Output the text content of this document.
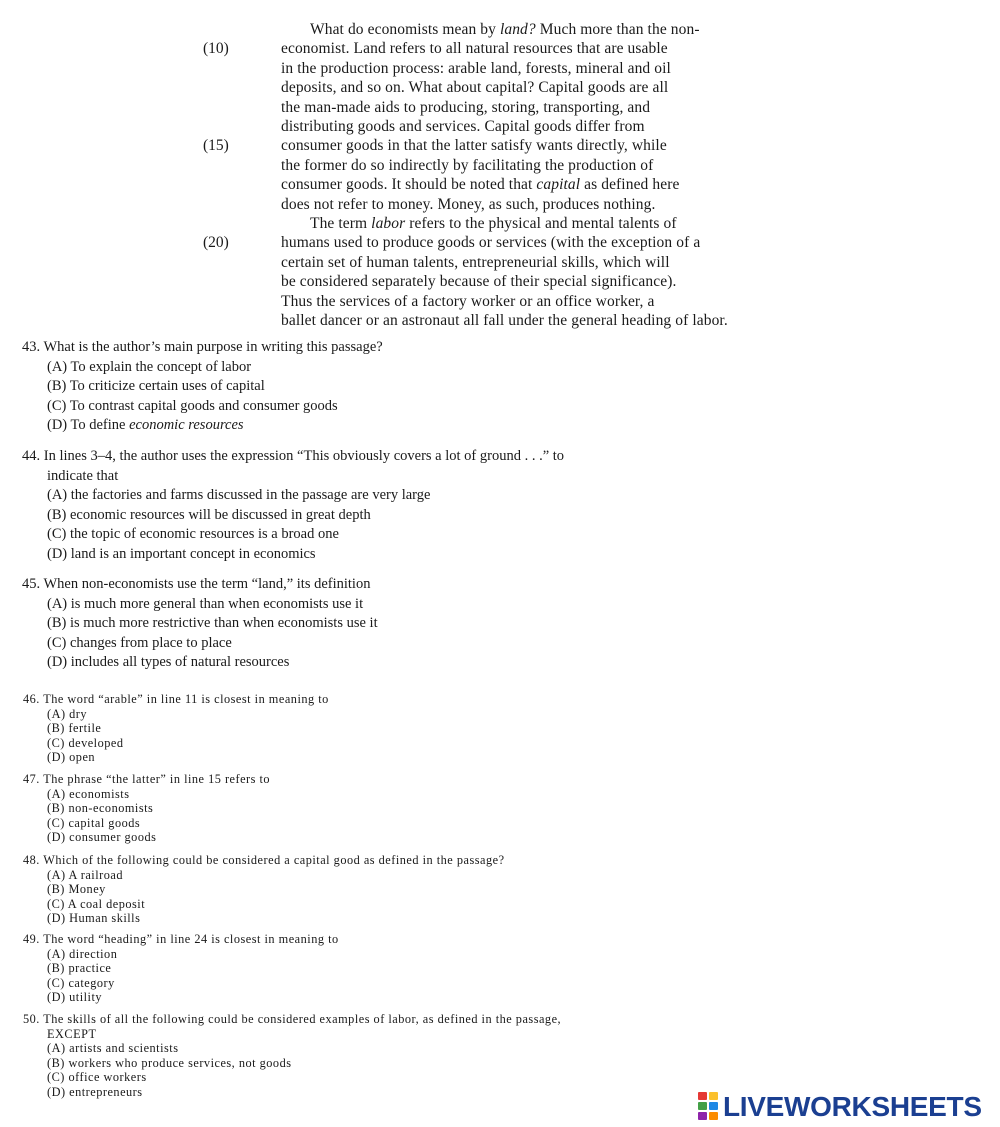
What do economists mean by land? Much more than the non-
(10)	economist. Land refers to all natural resources that are usable
in the production process: arable land, forests, mineral and oil
deposits, and so on. What about capital? Capital goods are all
the man-made aids to producing, storing, transporting, and
distributing goods and services. Capital goods differ from
(15)	consumer goods in that the latter satisfy wants directly, while
the former do so indirectly by facilitating the production of
consumer goods. It should be noted that capital as defined here
does not refer to money. Money, as such, produces nothing.
The term labor refers to the physical and mental talents of
(20)	humans used to produce goods or services (with the exception of a
certain set of human talents, entrepreneurial skills, which will
be considered separately because of their special significance).
Thus the services of a factory worker or an office worker, a
ballet dancer or an astronaut all fall under the general heading of labor.
43. What is the author’s main purpose in writing this passage?
(A) To explain the concept of labor
(B) To criticize certain uses of capital
(C) To contrast capital goods and consumer goods
(D) To define economic resources
44. In lines 3–4, the author uses the expression “This obviously covers a lot of ground . . .” to
indicate that
(A) the factories and farms discussed in the passage are very large
(B) economic resources will be discussed in great depth
(C) the topic of economic resources is a broad one
(D) land is an important concept in economics
45. When non-economists use the term “land,” its definition
(A) is much more general than when economists use it
(B) is much more restrictive than when economists use it
(C) changes from place to place
(D) includes all types of natural resources
46. The word “arable” in line 11 is closest in meaning to
(A) dry
(B) fertile
(C) developed
(D) open
47. The phrase “the latter” in line 15 refers to
(A) economists
(B) non-economists
(C) capital goods
(D) consumer goods
48. Which of the following could be considered a capital good as defined in the passage?
(A) A railroad
(B) Money
(C) A coal deposit
(D) Human skills
49. The word “heading” in line 24 is closest in meaning to
(A) direction
(B) practice
(C) category
(D) utility
50. The skills of all the following could be considered examples of labor, as defined in the passage,
EXCEPT
(A) artists and scientists
(B) workers who produce services, not goods
(C) office workers
(D) entrepreneurs	LIVEWORKSHEETS
